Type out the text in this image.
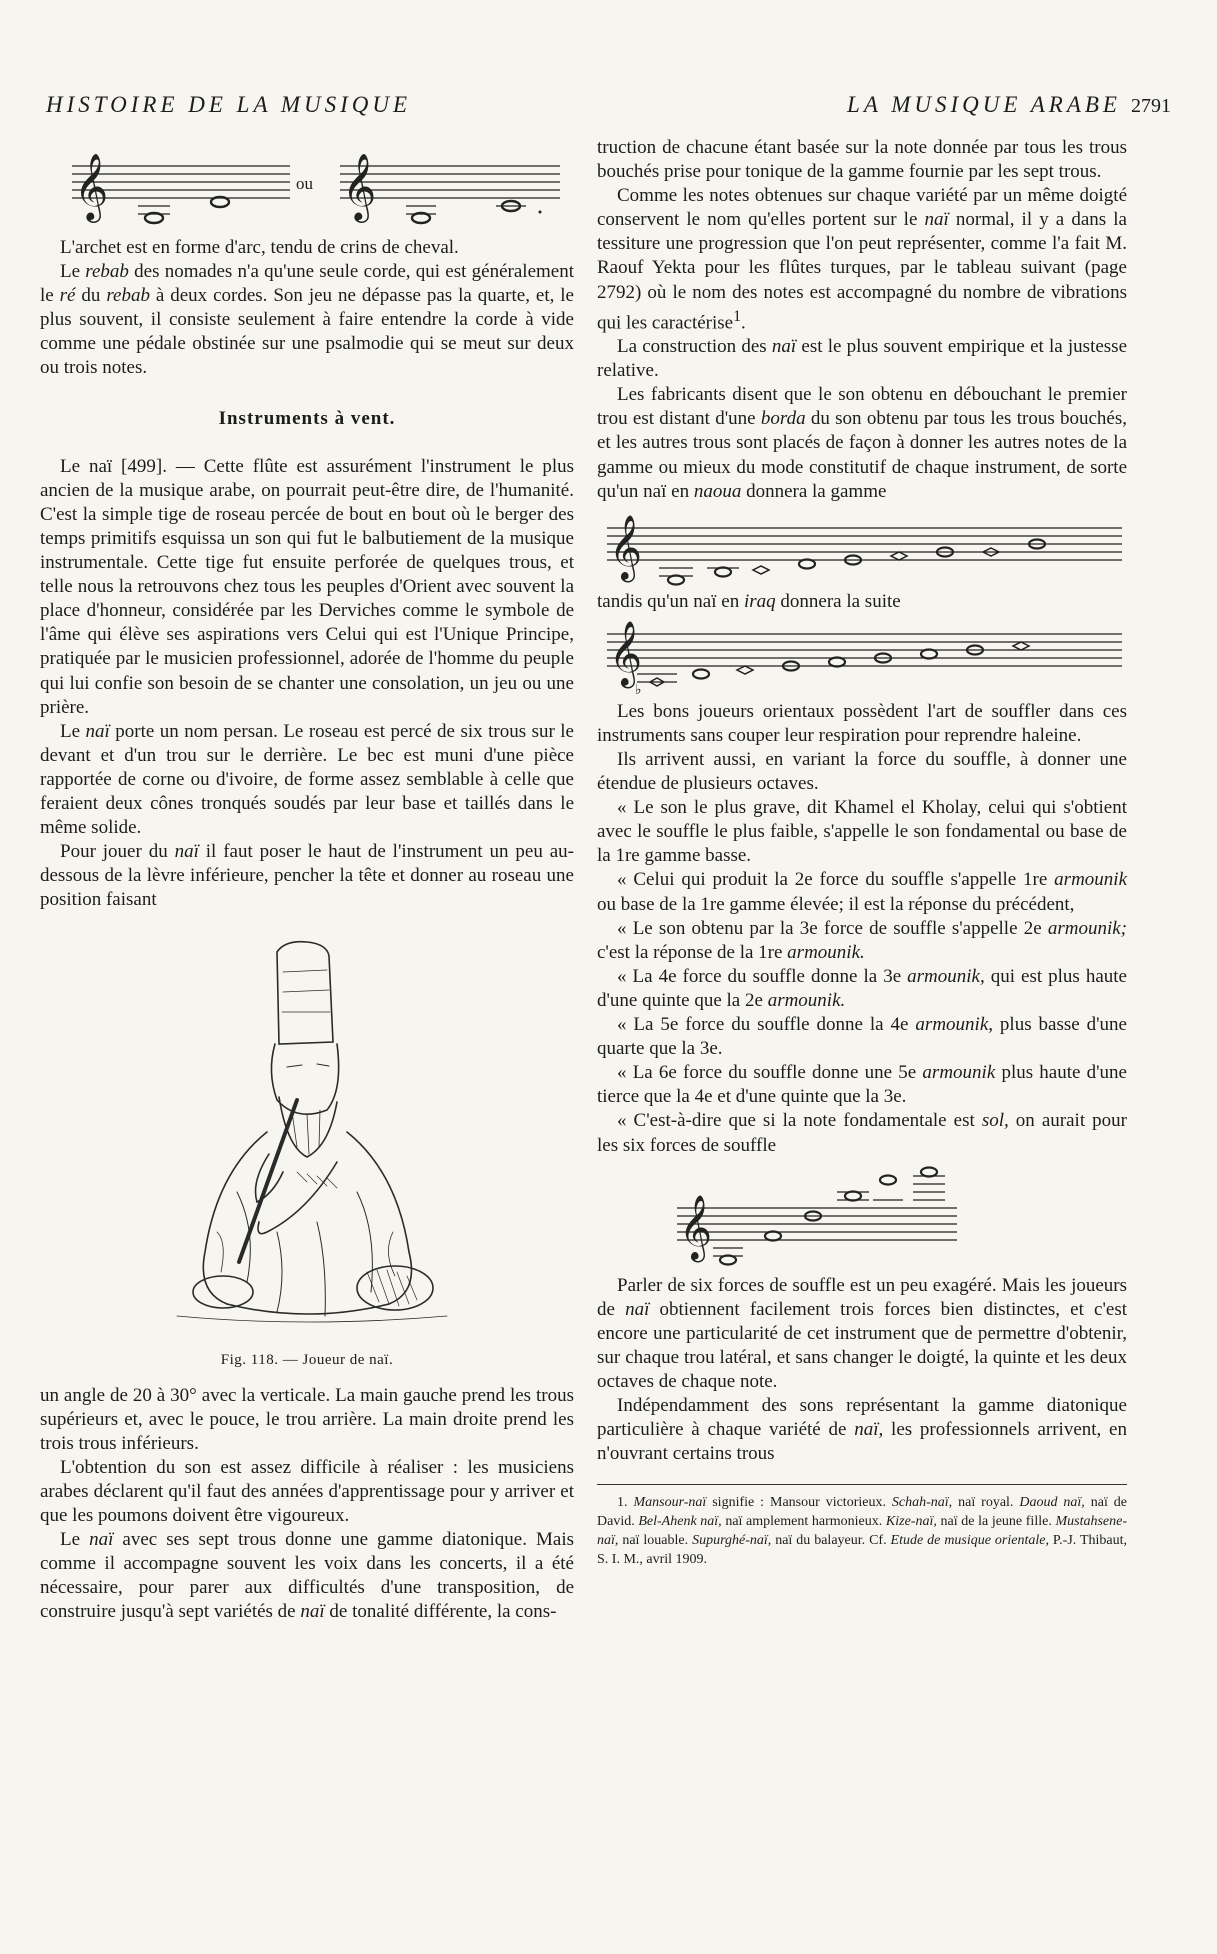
HISTOIRE DE LA MUSIQUE	LA MUSIQUE ARABE 2791
𝄞	𝄞
ou

L'archet est en forme d'arc, tendu de crins de cheval.

Le rebab des nomades n'a qu'une seule corde, qui est généralement le ré du rebab à deux cordes. Son jeu ne dépasse pas la quarte, et, le plus souvent, il consiste seulement à faire entendre la corde à vide comme une pédale obstinée sur une psalmodie qui se meut sur deux ou trois notes.

Instruments à vent.

Le naï [499]. — Cette flûte est assurément l'instrument le plus ancien de la musique arabe, on pourrait peut-être dire, de l'humanité. C'est la simple tige de roseau percée de bout en bout où le berger des temps primitifs esquissa un son qui fut le balbutiement de la musique instrumentale. Cette tige fut ensuite perforée de quelques trous, et telle nous la retrouvons chez tous les peuples d'Orient avec souvent la place d'honneur, considérée par les Derviches comme le symbole de l'âme qui élève ses aspirations vers Celui qui est l'Unique Principe, pratiquée par le musicien professionnel, adorée de l'homme du peuple qui lui confie son besoin de se chanter une consolation, un jeu ou une prière.

Le naï porte un nom persan. Le roseau est percé de six trous sur le devant et d'un trou sur le derrière. Le bec est muni d'une pièce rapportée de corne ou d'ivoire, de forme assez semblable à celle que feraient deux cônes tronqués soudés par leur base et taillés dans le même solide.

Pour jouer du naï il faut poser le haut de l'instrument un peu au-dessous de la lèvre inférieure, pencher la tête et donner au roseau une position faisant

Fig. 118. — Joueur de naï.

un angle de 20 à 30° avec la verticale. La main gauche prend les trous supérieurs et, avec le pouce, le trou arrière. La main droite prend les trois trous inférieurs.

L'obtention du son est assez difficile à réaliser : les musiciens arabes déclarent qu'il faut des années d'apprentissage pour y arriver et que les poumons doivent être vigoureux.

Le naï avec ses sept trous donne une gamme diatonique. Mais comme il accompagne souvent les voix dans les concerts, il a été nécessaire, pour parer aux difficultés d'une transposition, de construire jusqu'à sept variétés de naï de tonalité différente, la cons-

truction de chacune étant basée sur la note donnée par tous les trous bouchés prise pour tonique de la gamme fournie par les sept trous.

Comme les notes obtenues sur chaque variété par un même doigté conservent le nom qu'elles portent sur le naï normal, il y a dans la tessiture une progression que l'on peut représenter, comme l'a fait M. Raouf Yekta pour les flûtes turques, par le tableau suivant (page 2792) où le nom des notes est accompagné du nombre de vibrations qui les caractérise$^1$.

La construction des naï est le plus souvent empirique et la justesse relative.

Les fabricants disent que le son obtenu en débouchant le premier trou est distant d'une borda du son obtenu par tous les trous bouchés, et les autres trous sont placés de façon à donner les autres notes de la gamme ou mieux du mode constitutif de chaque instrument, de sorte qu'un naï en naoua donnera la gamme

𝄞

tandis qu'un naï en iraq donnera la suite

𝄞
♭

Les bons joueurs orientaux possèdent l'art de souffler dans ces instruments sans couper leur respiration pour reprendre haleine.

Ils arrivent aussi, en variant la force du souffle, à donner une étendue de plusieurs octaves.

« Le son le plus grave, dit Khamel el Kholay, celui qui s'obtient avec le souffle le plus faible, s'appelle le son fondamental ou base de la 1re gamme basse.

« Celui qui produit la 2e force du souffle s'appelle 1re armounik ou base de la 1re gamme élevée; il est la réponse du précédent,

« Le son obtenu par la 3e force de souffle s'appelle 2e armounik; c'est la réponse de la 1re armounik.

« La 4e force du souffle donne la 3e armounik, qui est plus haute d'une quinte que la 2e armounik.

« La 5e force du souffle donne la 4e armounik, plus basse d'une quarte que la 3e.

« La 6e force du souffle donne une 5e armounik plus haute d'une tierce que la 4e et d'une quinte que la 3e.

« C'est-à-dire que si la note fondamentale est sol, on aurait pour les six forces de souffle

𝄞

Parler de six forces de souffle est un peu exagéré. Mais les joueurs de naï obtiennent facilement trois forces bien distinctes, et c'est encore une particularité de cet instrument que de permettre d'obtenir, sur chaque trou latéral, et sans changer le doigté, la quinte et les deux octaves de chaque note.

Indépendamment des sons représentant la gamme diatonique particulière à chaque variété de naï, les professionnels arrivent, en n'ouvrant certains trous

1. Mansour-naï signifie : Mansour victorieux. Schah-naï, naï royal. Daoud naï, naï de David. Bel-Ahenk naï, naï amplement harmonieux. Kize-naï, naï de la jeune fille. Mustahsene-naï, naï louable. Supurghé-naï, naï du balayeur. Cf. Etude de musique orientale, P.-J. Thibaut, S. I. M., avril 1909.
